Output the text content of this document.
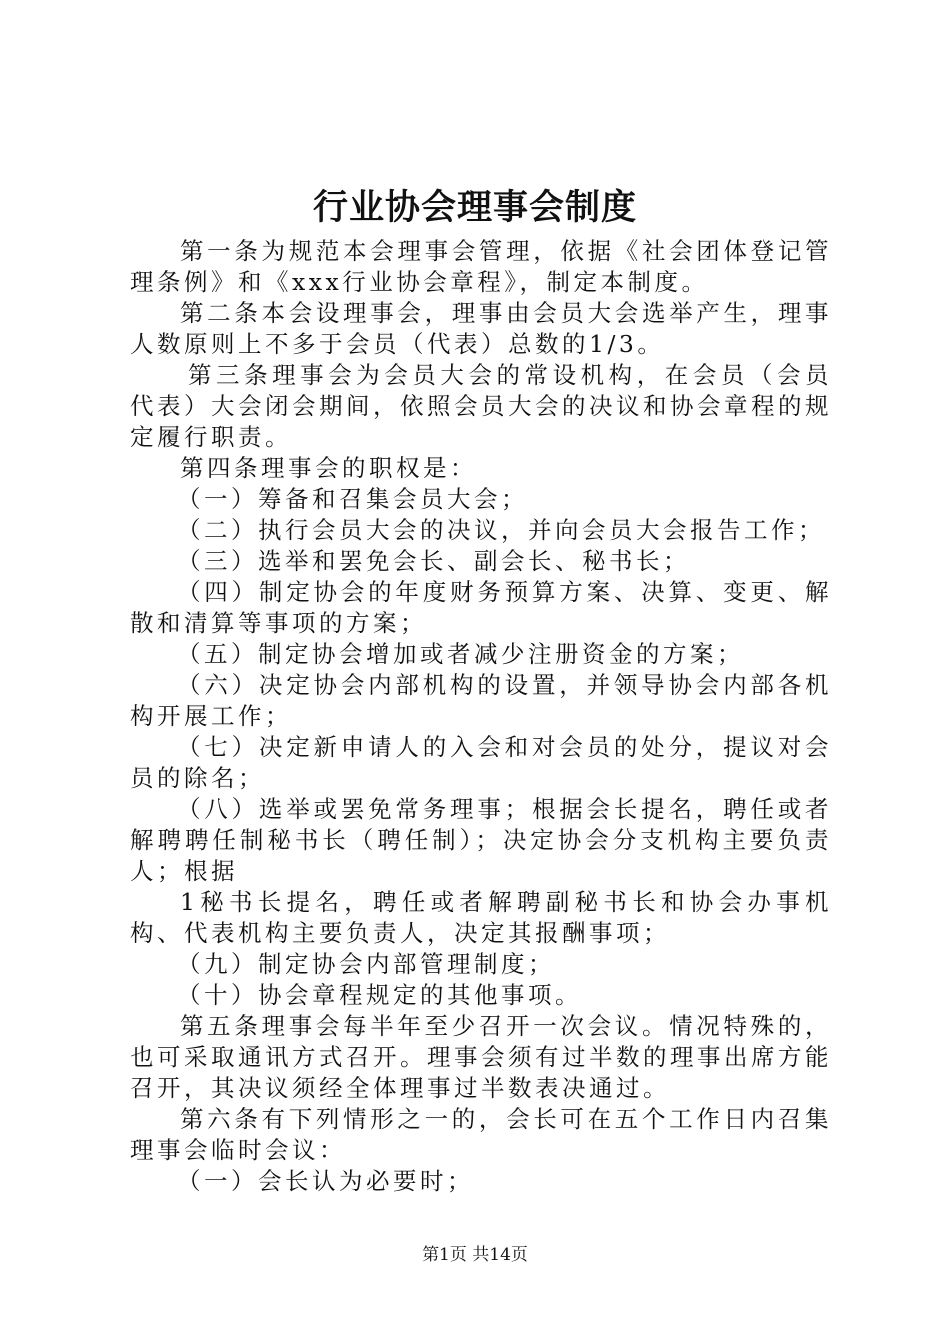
行业协会理事会制度

第一条为规范本会理事会管理，依据《社会团体登记管理条例》和《xxx行业协会章程》，制定本制度。

第二条本会设理事会，理事由会员大会选举产生，理事人数原则上不多于会员（代表）总数的1/3。

第三条理事会为会员大会的常设机构，在会员（会员代表）大会闭会期间，依照会员大会的决议和协会章程的规定履行职责。

第四条理事会的职权是：

（一）筹备和召集会员大会；

（二）执行会员大会的决议，并向会员大会报告工作；

（三）选举和罢免会长、副会长、秘书长；

（四）制定协会的年度财务预算方案、决算、变更、解散和清算等事项的方案；

（五）制定协会增加或者减少注册资金的方案；

（六）决定协会内部机构的设置，并领导协会内部各机构开展工作；

（七）决定新申请人的入会和对会员的处分，提议对会员的除名；

（八）选举或罢免常务理事；根据会长提名，聘任或者解聘聘任制秘书长（聘任制）；决定协会分支机构主要负责人；根据

1秘书长提名，聘任或者解聘副秘书长和协会办事机构、代表机构主要负责人，决定其报酬事项；

（九）制定协会内部管理制度；

（十）协会章程规定的其他事项。

第五条理事会每半年至少召开一次会议。情况特殊的，也可采取通讯方式召开。理事会须有过半数的理事出席方能召开，其决议须经全体理事过半数表决通过。

第六条有下列情形之一的，会长可在五个工作日内召集理事会临时会议：

（一）会长认为必要时；

第1页 共14页
